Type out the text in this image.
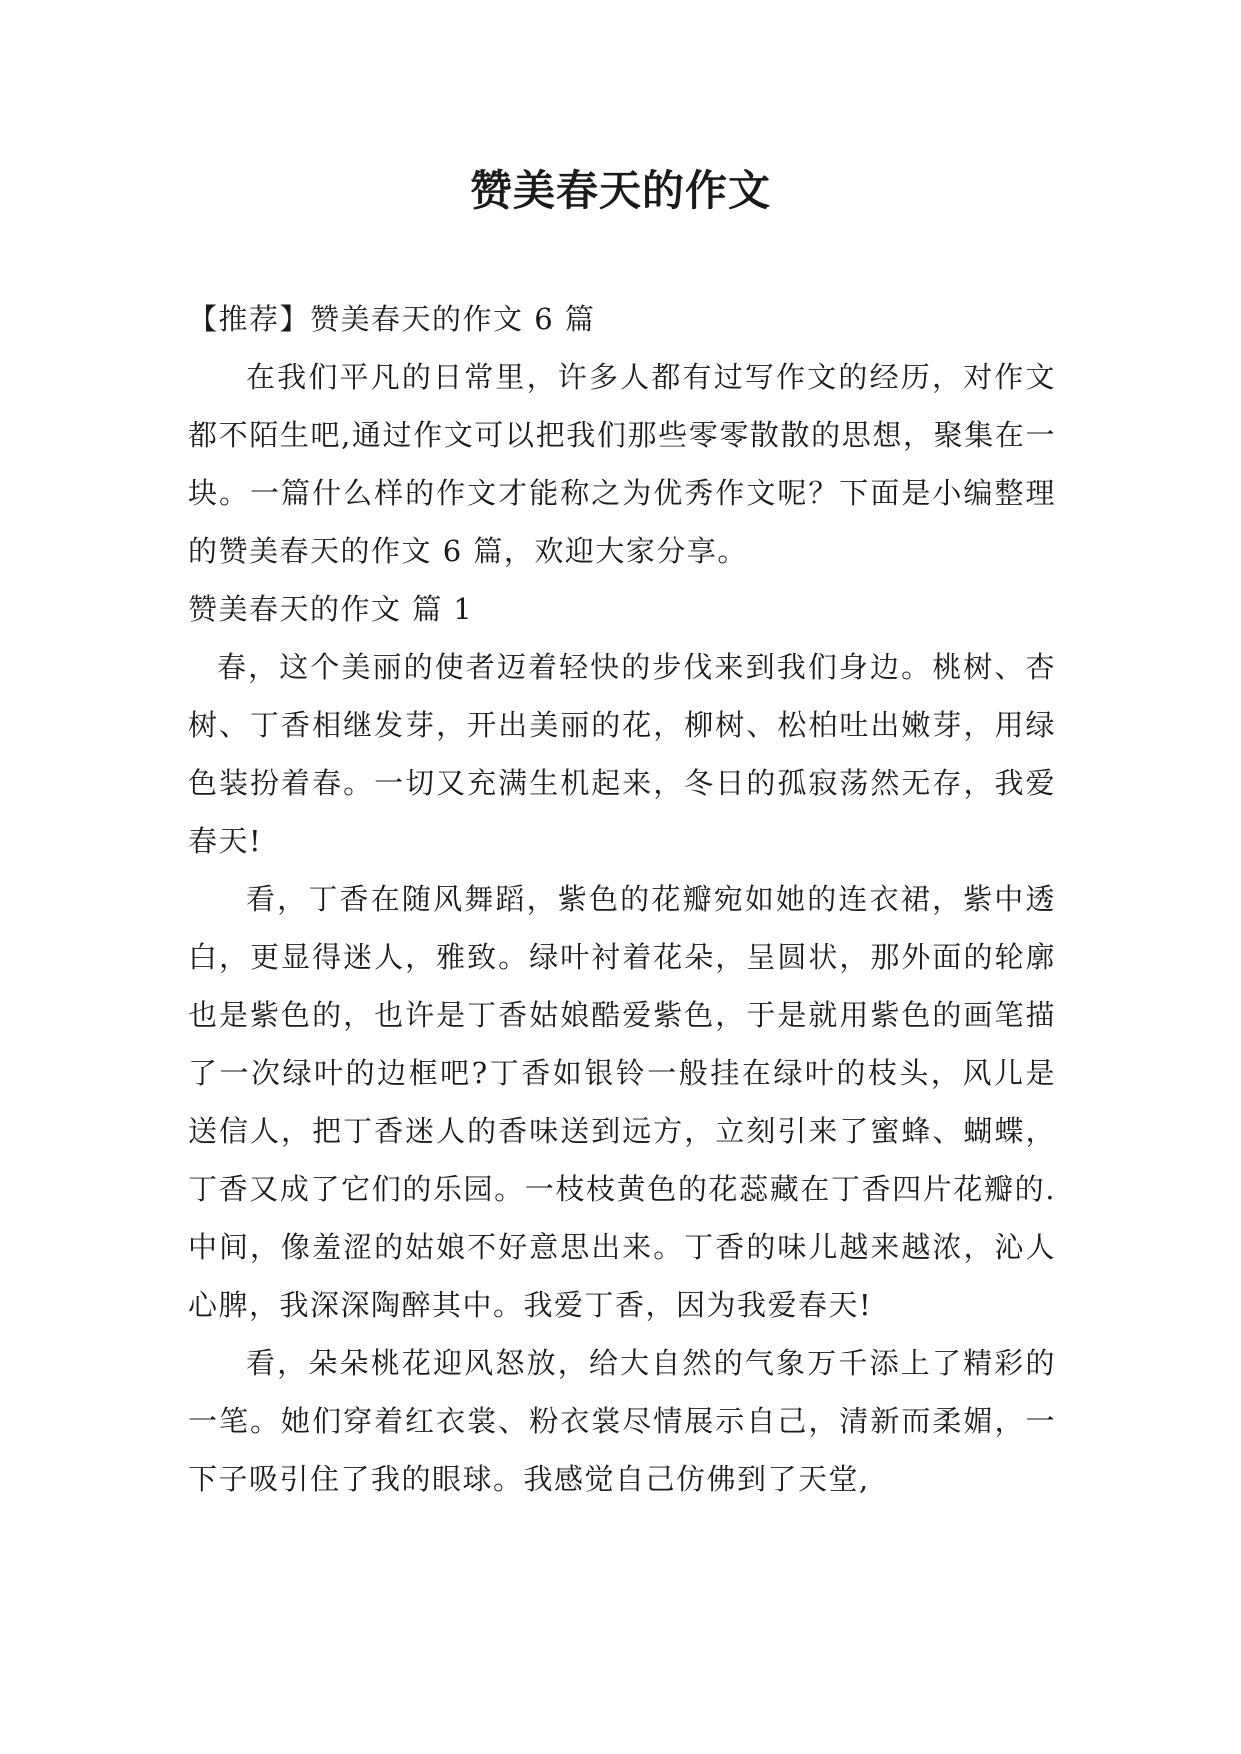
赞美春天的作文

【推荐】赞美春天的作文 6 篇

在我们平凡的日常里，许多人都有过写作文的经历，对作文都不陌生吧,通过作文可以把我们那些零零散散的思想，聚集在一块。一篇什么样的作文才能称之为优秀作文呢？下面是小编整理的赞美春天的作文 6 篇，欢迎大家分享。

赞美春天的作文 篇 1

春，这个美丽的使者迈着轻快的步伐来到我们身边。桃树、杏树、丁香相继发芽，开出美丽的花，柳树、松柏吐出嫩芽，用绿色装扮着春。一切又充满生机起来，冬日的孤寂荡然无存，我爱春天!

看，丁香在随风舞蹈，紫色的花瓣宛如她的连衣裙，紫中透白，更显得迷人，雅致。绿叶衬着花朵，呈圆状，那外面的轮廓也是紫色的，也许是丁香姑娘酷爱紫色，于是就用紫色的画笔描了一次绿叶的边框吧?丁香如银铃一般挂在绿叶的枝头，风儿是送信人，把丁香迷人的香味送到远方，立刻引来了蜜蜂、蝴蝶，丁香又成了它们的乐园。一枝枝黄色的花蕊藏在丁香四片花瓣的.中间，像羞涩的姑娘不好意思出来。丁香的味儿越来越浓，沁人心脾，我深深陶醉其中。我爱丁香，因为我爱春天!

看，朵朵桃花迎风怒放，给大自然的气象万千添上了精彩的一笔。她们穿着红衣裳、粉衣裳尽情展示自己，清新而柔媚，一下子吸引住了我的眼球。我感觉自己仿佛到了天堂,
